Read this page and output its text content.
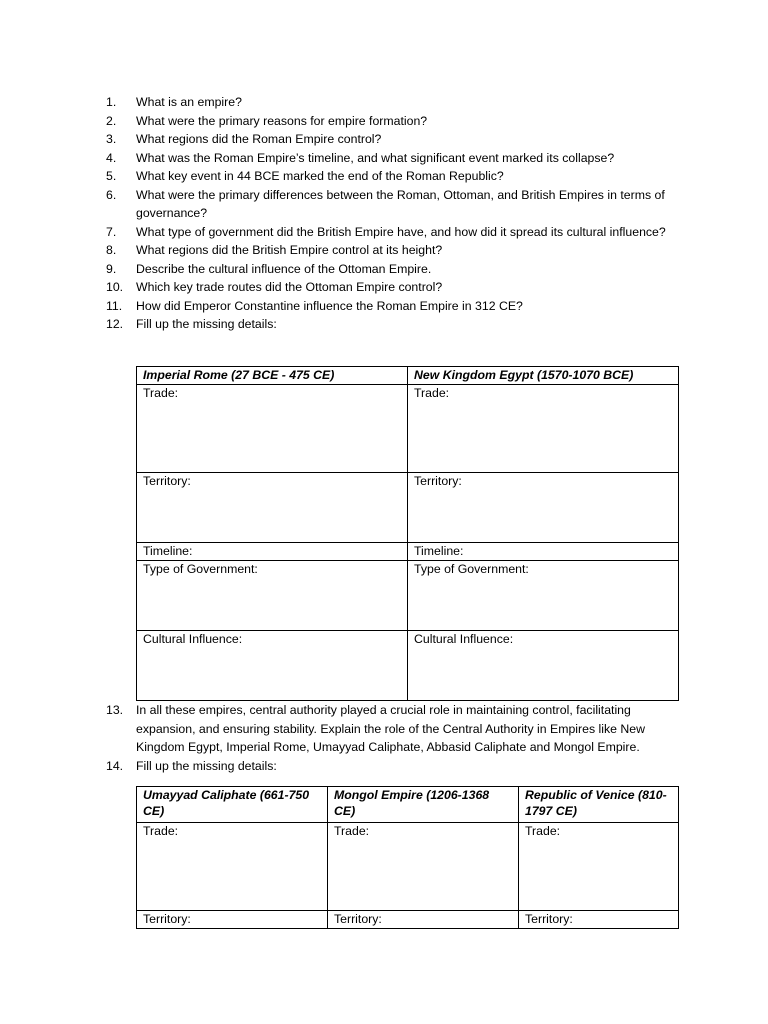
1.	What is an empire?
2.	What were the primary reasons for empire formation?
3.	What regions did the Roman Empire control?
4.	What was the Roman Empire’s timeline, and what significant event marked its collapse?
5.	What key event in 44 BCE marked the end of the Roman Republic?
6.	What were the primary differences between the Roman, Ottoman, and British Empires in terms of governance?
7.	What type of government did the British Empire have, and how did it spread its cultural influence?
8.	What regions did the British Empire control at its height?
9.	Describe the cultural influence of the Ottoman Empire.
10.	Which key trade routes did the Ottoman Empire control?
11.	How did Emperor Constantine influence the Roman Empire in 312 CE?
12.	Fill up the missing details:
Imperial Rome (27 BCE - 475 CE)	New Kingdom Egypt (1570-1070 BCE)
Trade:	Trade:
Territory:	Territory:
Timeline:	Timeline:
Type of Government:	Type of Government:
Cultural Influence:	Cultural Influence:
13.	In all these empires, central authority played a crucial role in maintaining control, facilitating expansion, and ensuring stability. Explain the role of the Central Authority in Empires like New Kingdom Egypt, Imperial Rome, Umayyad Caliphate, Abbasid Caliphate and Mongol Empire.
14.	Fill up the missing details:
Umayyad Caliphate (661-750 CE)	Mongol Empire (1206-1368 CE)	Republic of Venice (810-1797 CE)
Trade:	Trade:	Trade:
Territory:	Territory:	Territory:
